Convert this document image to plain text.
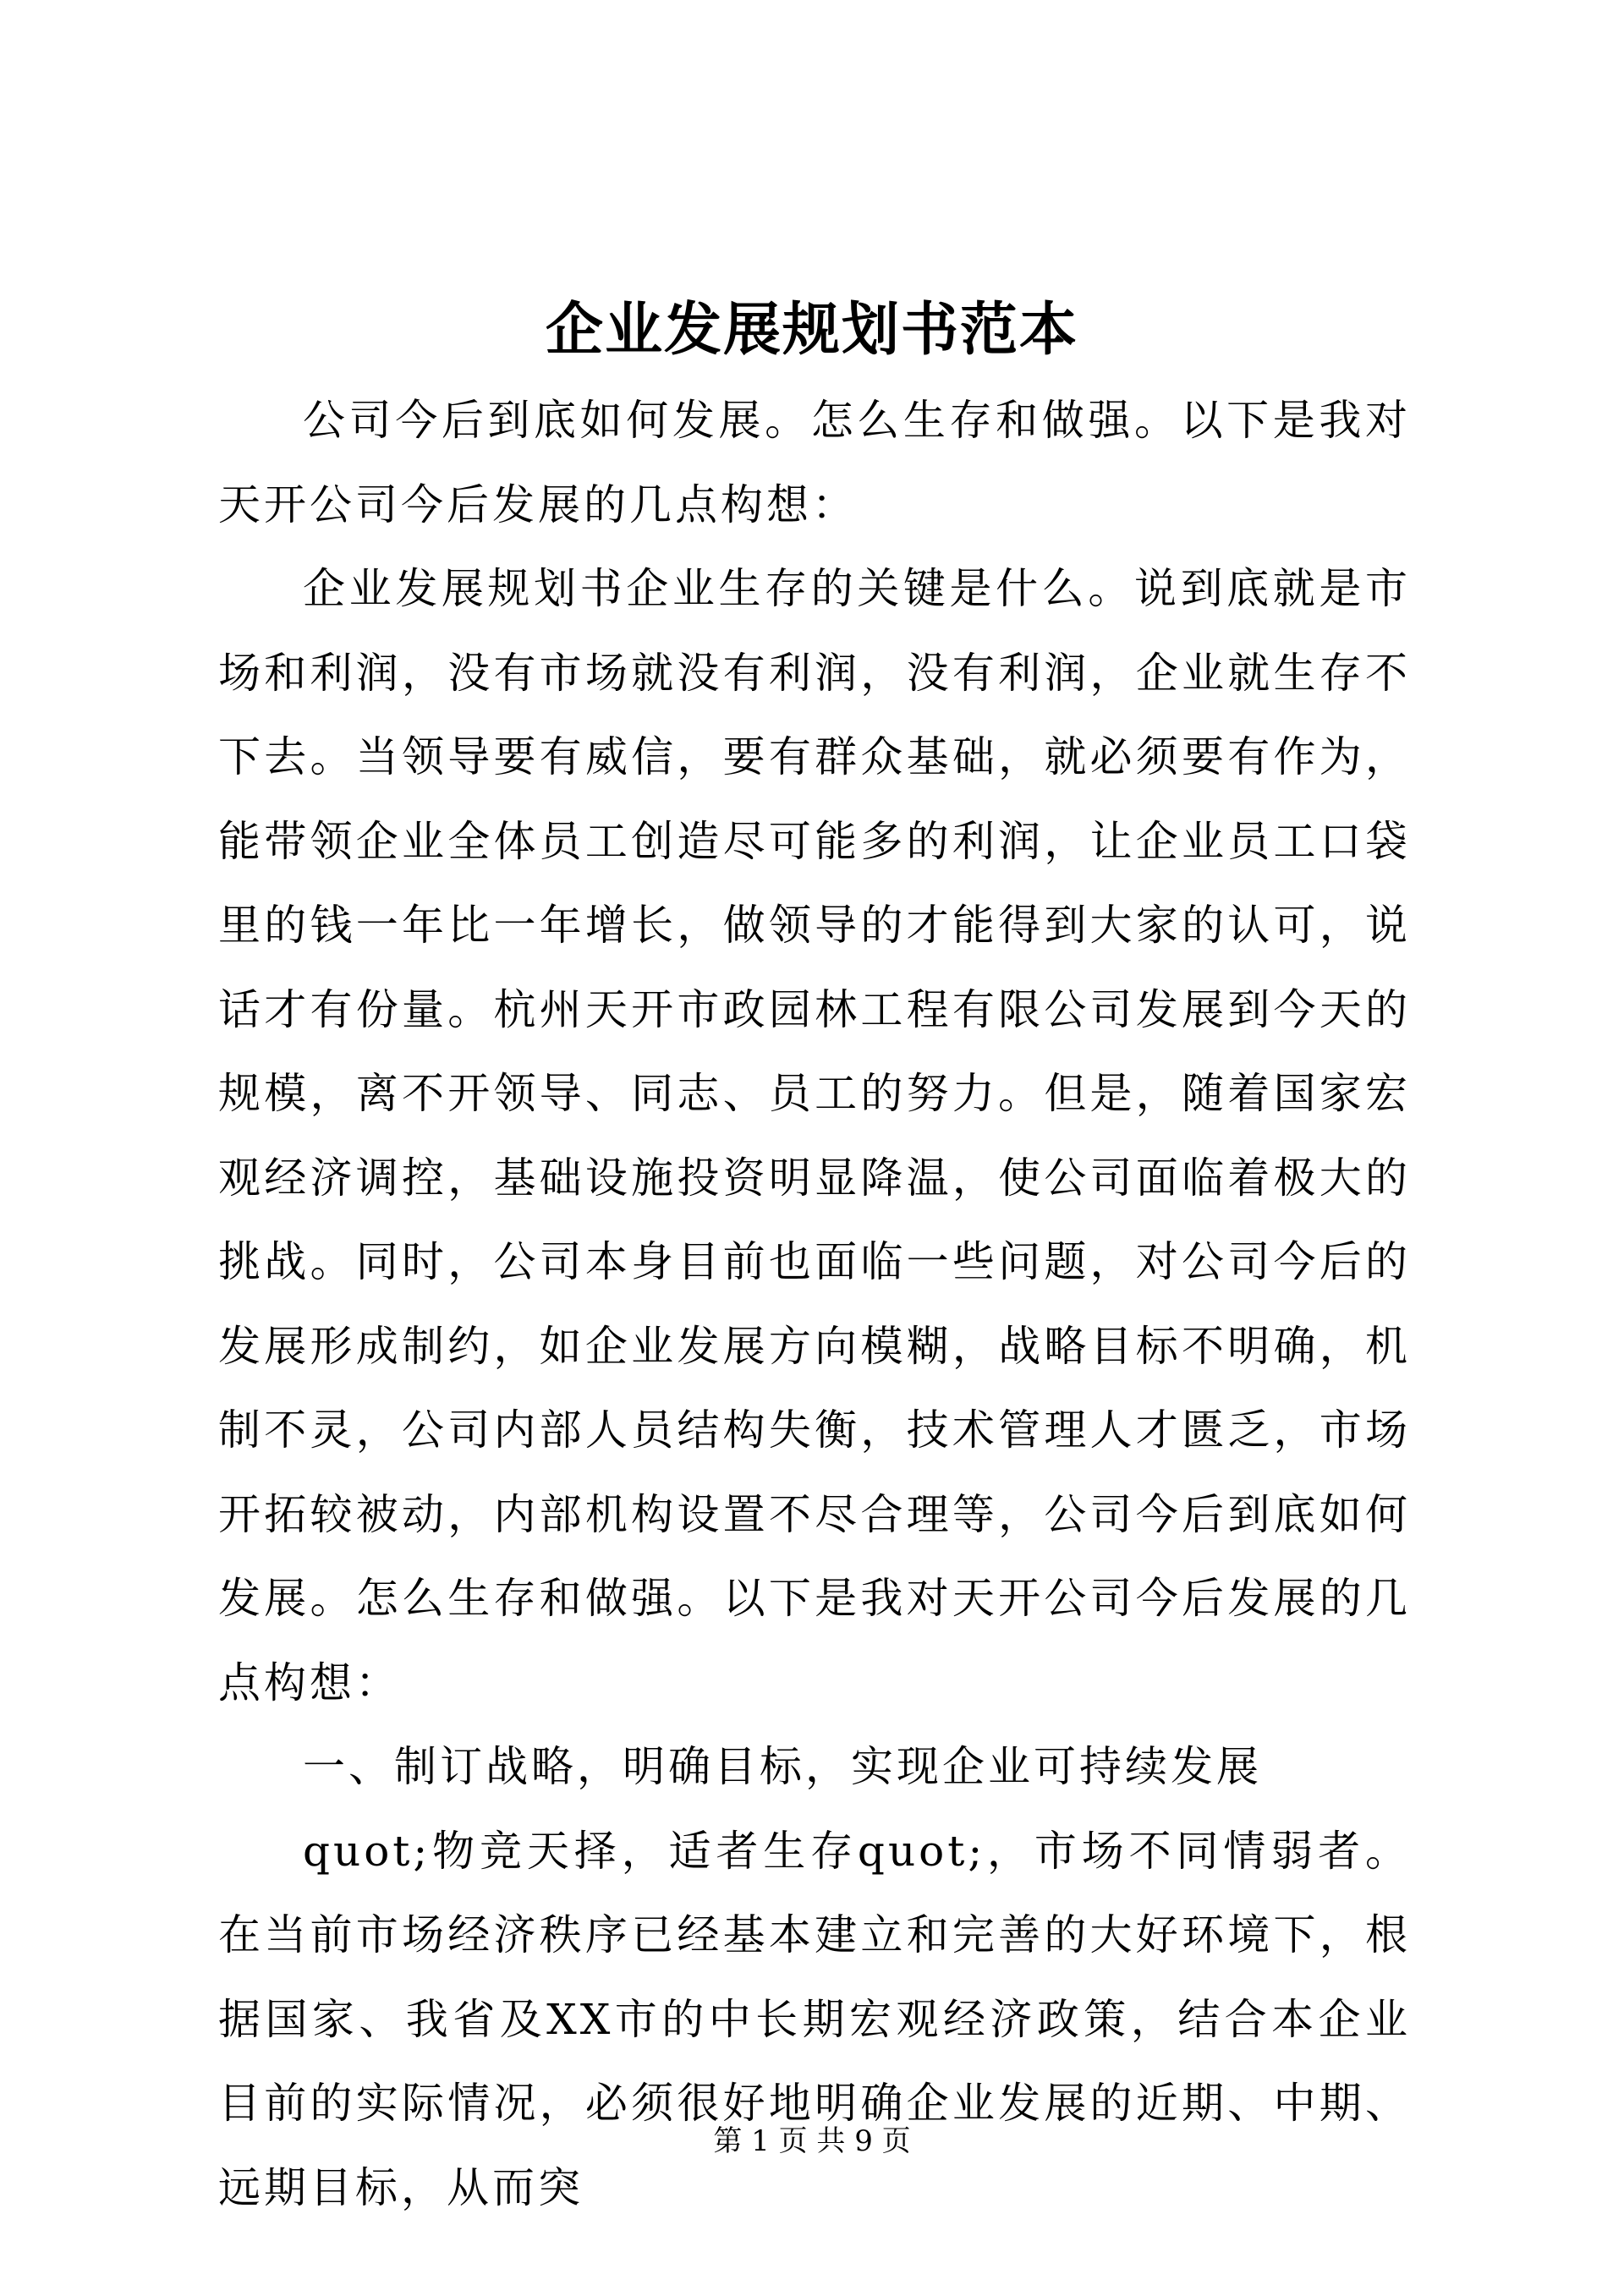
企业发展规划书范本

公司今后到底如何发展。怎么生存和做强。以下是我对天开公司今后发展的几点构想：

企业发展规划书企业生存的关键是什么。说到底就是市场和利润，没有市场就没有利润，没有利润，企业就生存不下去。当领导要有威信，要有群众基础，就必须要有作为，能带领企业全体员工创造尽可能多的利润，让企业员工口袋里的钱一年比一年增长，做领导的才能得到大家的认可，说话才有份量。杭州天开市政园林工程有限公司发展到今天的规模，离不开领导、同志、员工的努力。但是，随着国家宏观经济调控，基础设施投资明显降温，使公司面临着极大的挑战。同时，公司本身目前也面临一些问题，对公司今后的发展形成制约，如企业发展方向模糊，战略目标不明确，机制不灵，公司内部人员结构失衡，技术管理人才匮乏，市场开拓较被动，内部机构设置不尽合理等，公司今后到底如何发展。怎么生存和做强。以下是我对天开公司今后发展的几点构想：

一、制订战略，明确目标，实现企业可持续发展

quot;物竞天择，适者生存quot;，市场不同情弱者。在当前市场经济秩序已经基本建立和完善的大好环境下，根据国家、我省及XX市的中长期宏观经济政策，结合本企业目前的实际情况，必须很好地明确企业发展的近期、中期、远期目标，从而突

第 1 页 共 9 页
